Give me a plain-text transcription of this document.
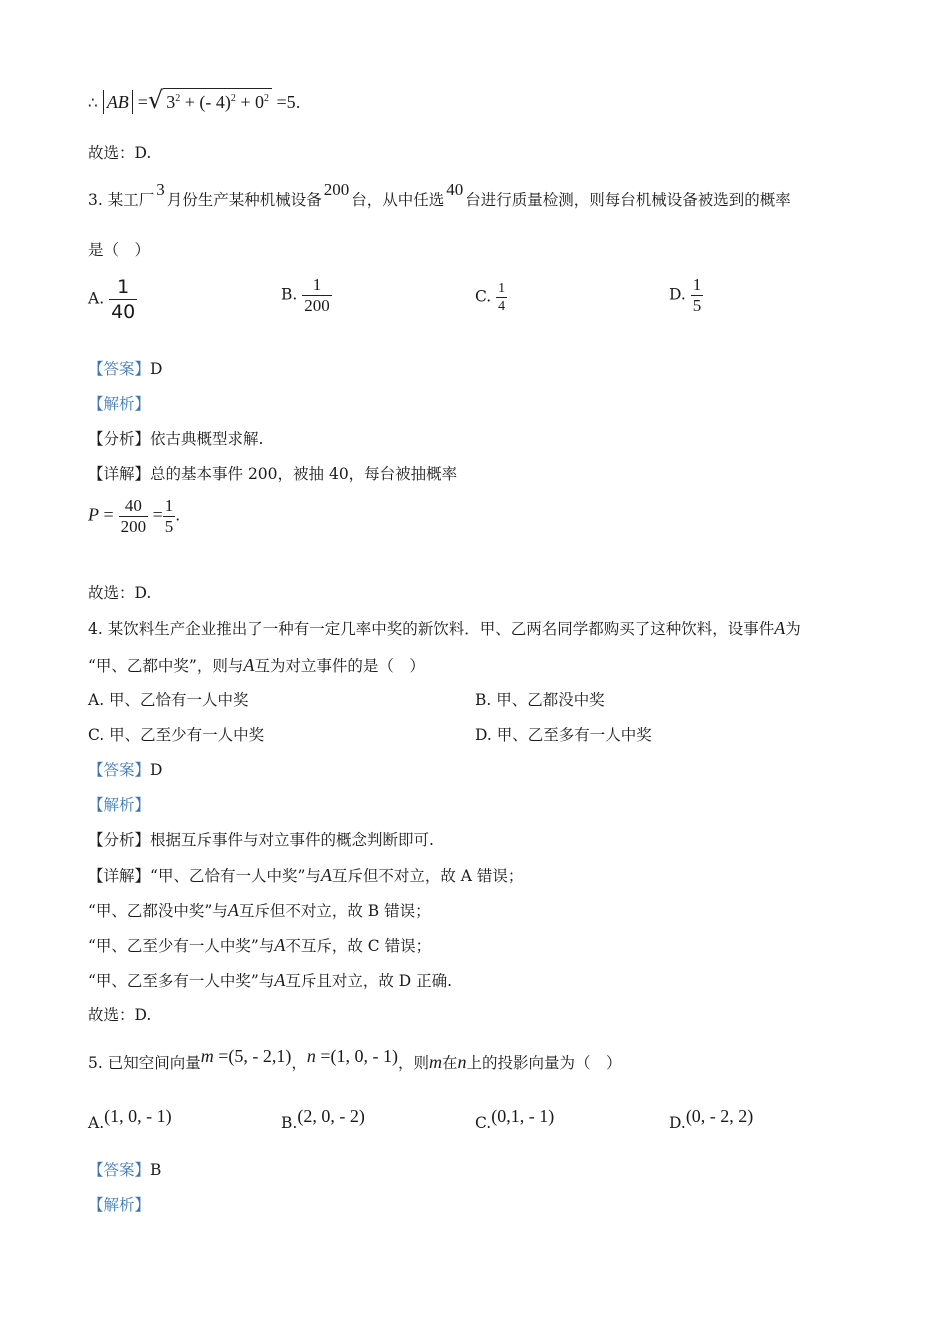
∴ AB =√ $3^2$ + (- $4)^2 + 0^2 =5$.
故选：D.
3. 某工厂3月份生产某种机械设备200台，从中任选40台进行质量检测，则每台机械设备被选到的概率
是（　）
A. $\frac{1}{40}$	B. $\frac{1}{200}$	C. $\frac{1}{4}$	D. $\frac{1}{5}$
【答案】D
【解析】
【分析】依古典概型求解.
【详解】总的基本事件 200，被抽 40，每台被抽概率
$P = \frac{40}{200} = \frac{1}{5}$ .
故选：D.
4. 某饮料生产企业推出了一种有一定几率中奖的新饮料．甲、乙两名同学都购买了这种饮料，设事件A为
“甲、乙都中奖”，则与A互为对立事件的是（　）
A. 甲、乙恰有一人中奖	B. 甲、乙都没中奖
C. 甲、乙至少有一人中奖	D. 甲、乙至多有一人中奖
【答案】D
【解析】
【分析】根据互斥事件与对立事件的概念判断即可.
【详解】“甲、乙恰有一人中奖”与A互斥但不对立，故 A 错误；
“甲、乙都没中奖”与A互斥但不对立，故 B 错误；
“甲、乙至少有一人中奖”与A不互斥，故 C 错误；
“甲、乙至多有一人中奖”与A互斥且对立，故 D 正确.
故选：D.
5. 已知空间向量m =(5, - 2,1)，n =(1, 0, - 1)，则m在n上的投影向量为（　）
A.(1, 0, - 1)	B.(2, 0, - 2)	C.(0,1, - 1)	D.(0, - 2, 2)
【答案】B
【解析】
